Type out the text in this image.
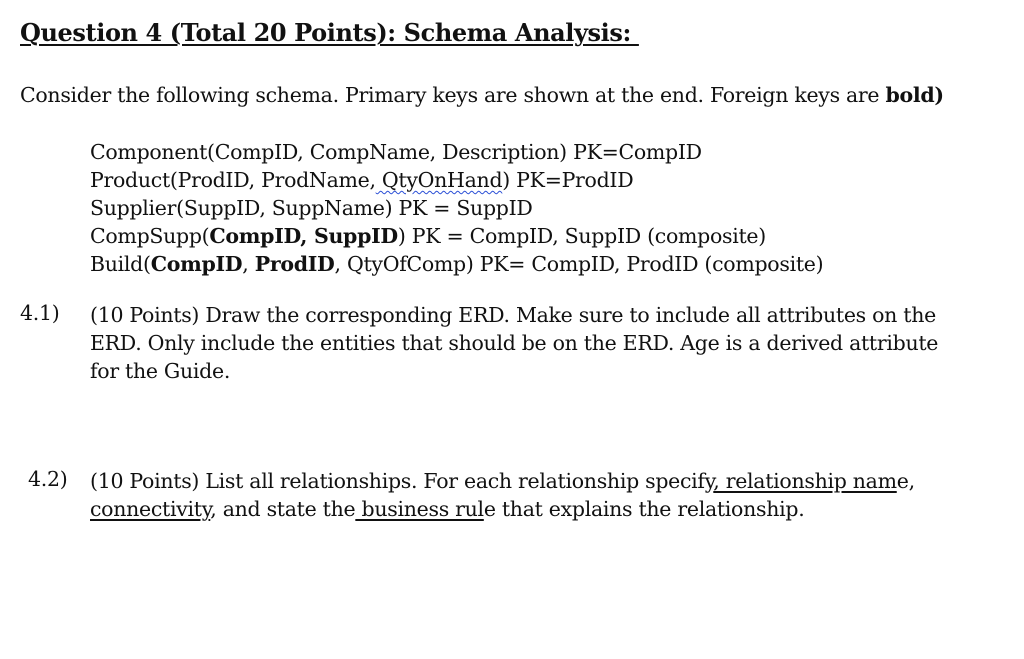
Question 4 (Total 20 Points): Schema Analysis:
Consider the following schema. Primary keys are shown at the end. Foreign keys are bold)
Component(CompID, CompName, Description) PK=CompID
Product(ProdID, ProdName, QtyOnHand) PK=ProdID
Supplier(SuppID, SuppName) PK = SuppID
CompSupp(CompID, SuppID) PK = CompID, SuppID (composite)
Build(CompID, ProdID, QtyOfComp) PK= CompID, ProdID (composite)
4.1) (10 Points) Draw the corresponding ERD. Make sure to include all attributes on the
ERD. Only include the entities that should be on the ERD. Age is a derived attribute
for the Guide.
4.2) (10 Points) List all relationships. For each relationship specify, relationship name,
connectivity, and state the business rule that explains the relationship.
